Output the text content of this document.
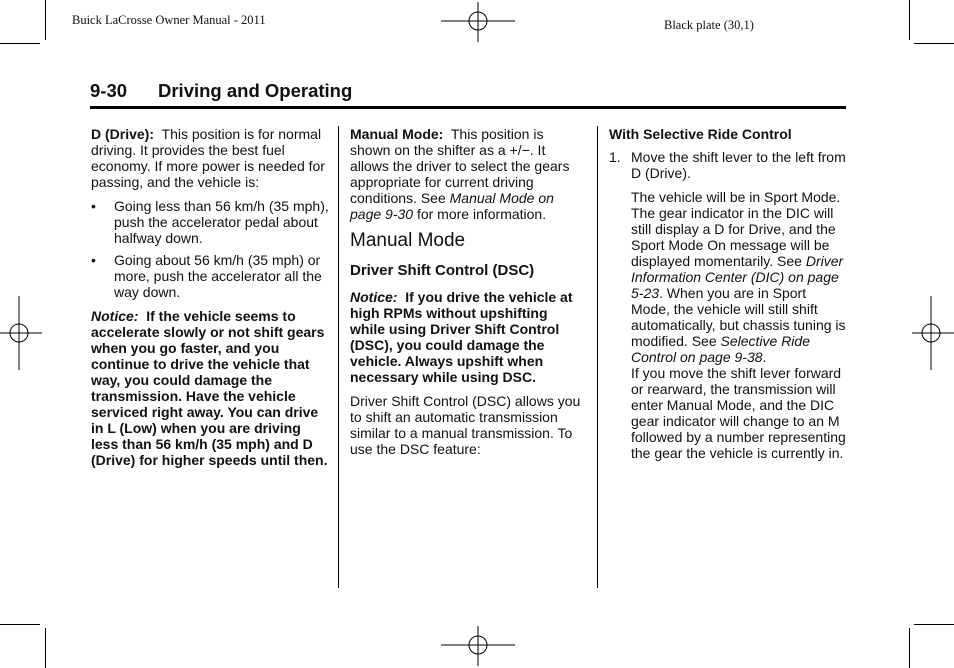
Buick LaCrosse Owner Manual - 2011	Black plate (30,1)
9-30 Driving and Operating

D (Drive): This position is for normal driving. It provides the best fuel economy. If more power is needed for passing, and the vehicle is:

• Going less than 56 km/h (35 mph), push the accelerator pedal about halfway down.
• Going about 56 km/h (35 mph) or more, push the accelerator all the way down.

Notice: If the vehicle seems to accelerate slowly or not shift gears when you go faster, and you continue to drive the vehicle that way, you could damage the transmission. Have the vehicle serviced right away. You can drive in L (Low) when you are driving less than 56 km/h (35 mph) and D (Drive) for higher speeds until then.

Manual Mode: This position is shown on the shifter as a +/−. It allows the driver to select the gears appropriate for current driving conditions. See Manual Mode on page 9-30 for more information.

Manual Mode
Driver Shift Control (DSC)

Notice: If you drive the vehicle at high RPMs without upshifting while using Driver Shift Control (DSC), you could damage the vehicle. Always upshift when necessary while using DSC.

Driver Shift Control (DSC) allows you to shift an automatic transmission similar to a manual transmission. To use the DSC feature:

With Selective Ride Control

1. Move the shift lever to the left from D (Drive).
The vehicle will be in Sport Mode. The gear indicator in the DIC will still display a D for Drive, and the Sport Mode On message will be displayed momentarily. See Driver Information Center (DIC) on page 5-23. When you are in Sport Mode, the vehicle will still shift automatically, but chassis tuning is modified. See Selective Ride Control on page 9-38.
If you move the shift lever forward or rearward, the transmission will enter Manual Mode, and the DIC gear indicator will change to an M followed by a number representing the gear the vehicle is currently in.
